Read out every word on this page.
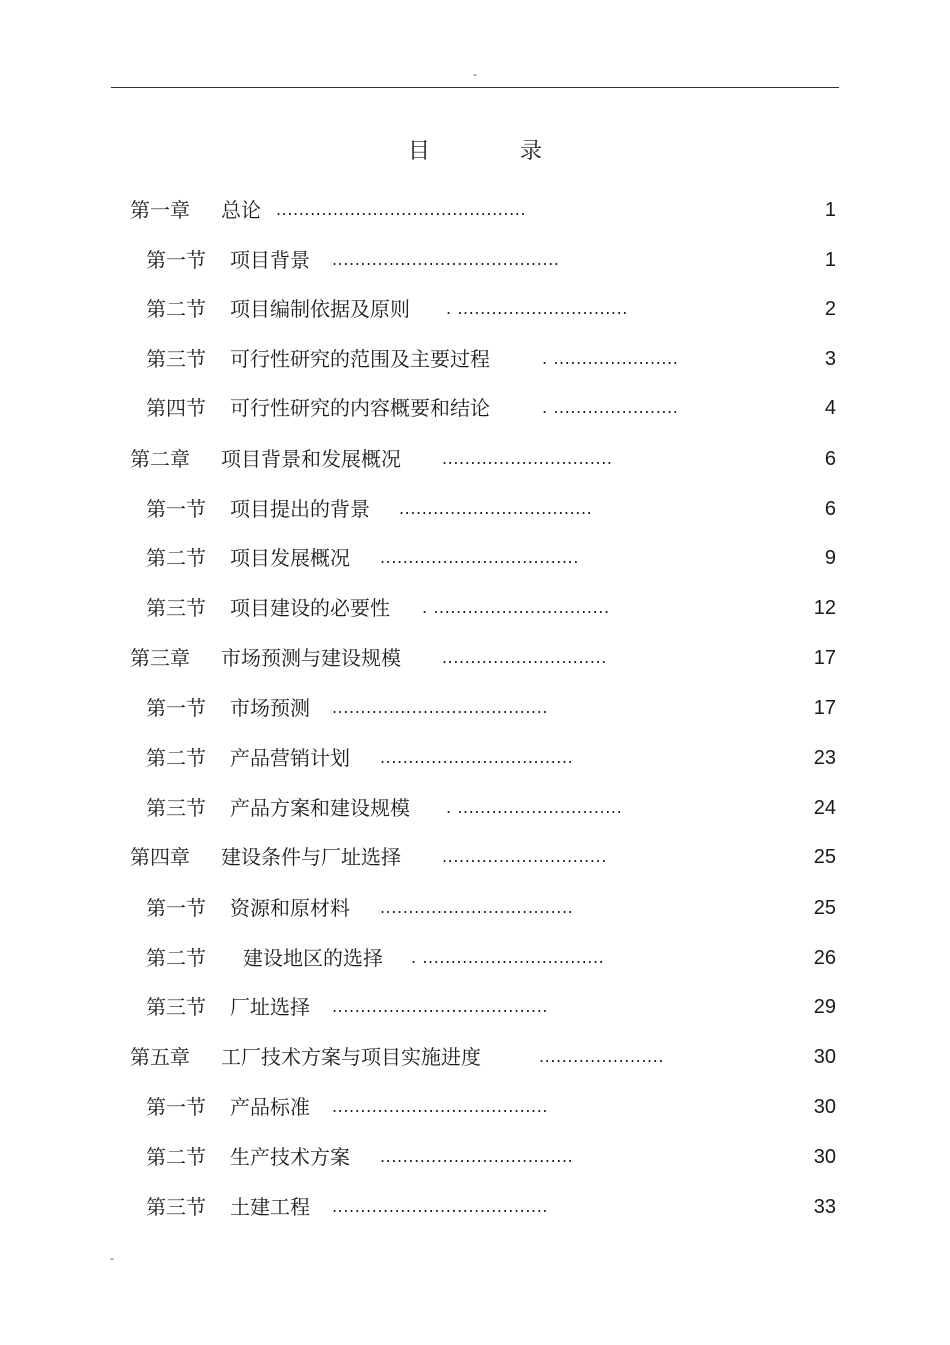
-
目	录
第一章 总论 ............................................	1
第一节 项目背景 ........................................	1
第二节 项目编制依据及原则 . ..............................	2
第三节 可行性研究的范围及主要过程	. ......................	3
第四节 可行性研究的内容概要和结论	. ......................	4
第二章 项目背景和发展概况	..............................	6
第一节 项目提出的背景 ..................................	6
第二节 项目发展概况 ...................................	9
第三节 项目建设的必要性 . ...............................	12
第三章 市场预测与建设规模	.............................	17
第一节 市场预测 ......................................	17
第二节 产品营销计划 ..................................	23
第三节 产品方案和建设规模 . .............................	24
第四章 建设条件与厂址选择	.............................	25
第一节 资源和原材料 ..................................	25
第二节 建设地区的选择 . ................................	26
第三节 厂址选择 ......................................	29
第五章 工厂技术方案与项目实施进度	......................	30
第一节 产品标准 ......................................	30
第二节 生产技术方案 ..................................	30
第三节 土建工程 ......................................	33
-
